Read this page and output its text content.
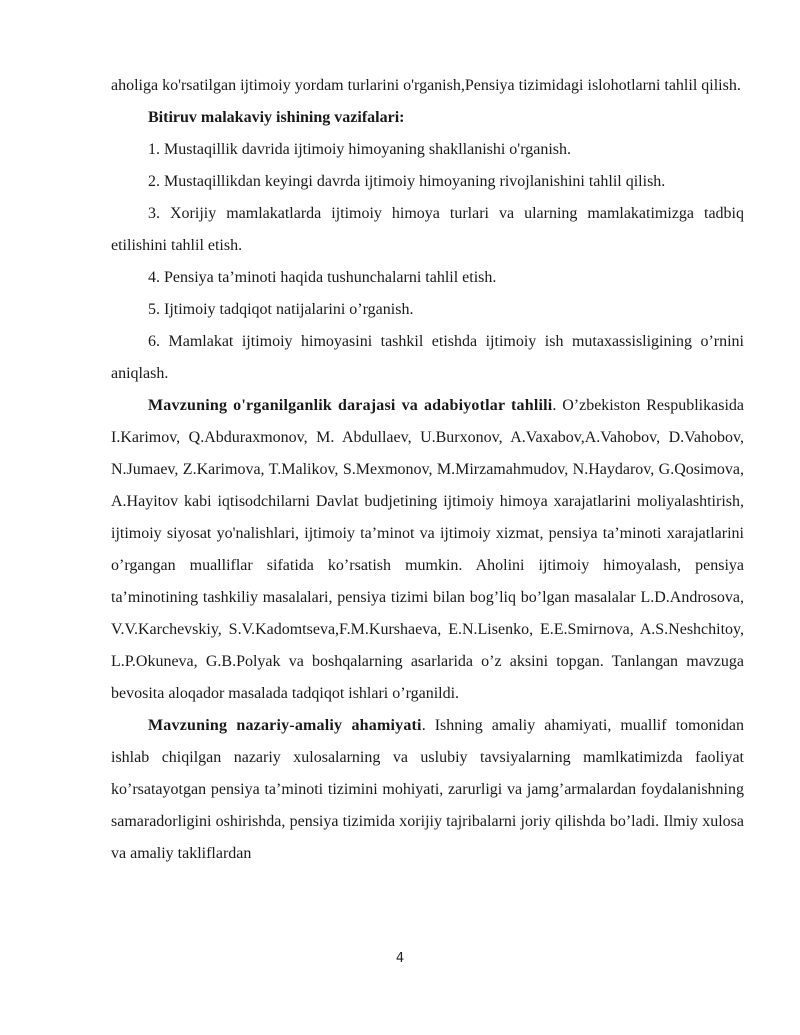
aholiga ko'rsatilgan ijtimoiy yordam turlarini o'rganish,Pensiya tizimidagi islohotlarni tahlil qilish.

Bitiruv malakaviy ishining vazifalari:

1. Mustaqillik davrida ijtimoiy himoyaning shakllanishi o'rganish.

2. Mustaqillikdan keyingi davrda ijtimoiy himoyaning rivojlanishini tahlil qilish.

3. Xorijiy mamlakatlarda ijtimoiy himoya turlari va ularning mamlakatimizga tadbiq etilishini tahlil etish.

4. Pensiya ta’minoti haqida tushunchalarni tahlil etish.

5. Ijtimoiy tadqiqot natijalarini o’rganish.

6. Mamlakat ijtimoiy himoyasini tashkil etishda ijtimoiy ish mutaxassisligining o’rnini aniqlash.

Mavzuning o'rganilganlik darajasi va adabiyotlar tahlili. O’zbekiston Respublikasida I.Karimov, Q.Abduraxmonov, M. Abdullaev, U.Burxonov, A.Vaxabov,A.Vahobov, D.Vahobov, N.Jumaev, Z.Karimova, T.Malikov, S.Mexmonov, M.Mirzamahmudov, N.Haydarov, G.Qosimova, A.Hayitov kabi iqtisodchilarni Davlat budjetining ijtimoiy himoya xarajatlarini moliyalashtirish, ijtimoiy siyosat yo'nalishlari, ijtimoiy ta’minot va ijtimoiy xizmat, pensiya ta’minoti xarajatlarini o’rgangan mualliflar sifatida ko’rsatish mumkin. Aholini ijtimoiy himoyalash, pensiya ta’minotining tashkiliy masalalari, pensiya tizimi bilan bog’liq bo’lgan masalalar L.D.Androsova, V.V.Karchevskiy, S.V.Kadomtseva,F.M.Kurshaeva, E.N.Lisenko, E.E.Smirnova, A.S.Neshchitoy, L.P.Okuneva, G.B.Polyak va boshqalarning asarlarida o’z aksini topgan. Tanlangan mavzuga bevosita aloqador masalada tadqiqot ishlari o’rganildi.

Mavzuning nazariy-amaliy ahamiyati. Ishning amaliy ahamiyati, muallif tomonidan ishlab chiqilgan nazariy xulosalarning va uslubiy tavsiyalarning mamlkatimizda faoliyat ko’rsatayotgan pensiya ta’minoti tizimini mohiyati, zarurligi va jamg’armalardan foydalanishning samaradorligini oshirishda, pensiya tizimida xorijiy tajribalarni joriy qilishda bo’ladi. Ilmiy xulosa va amaliy takliflardan

4
